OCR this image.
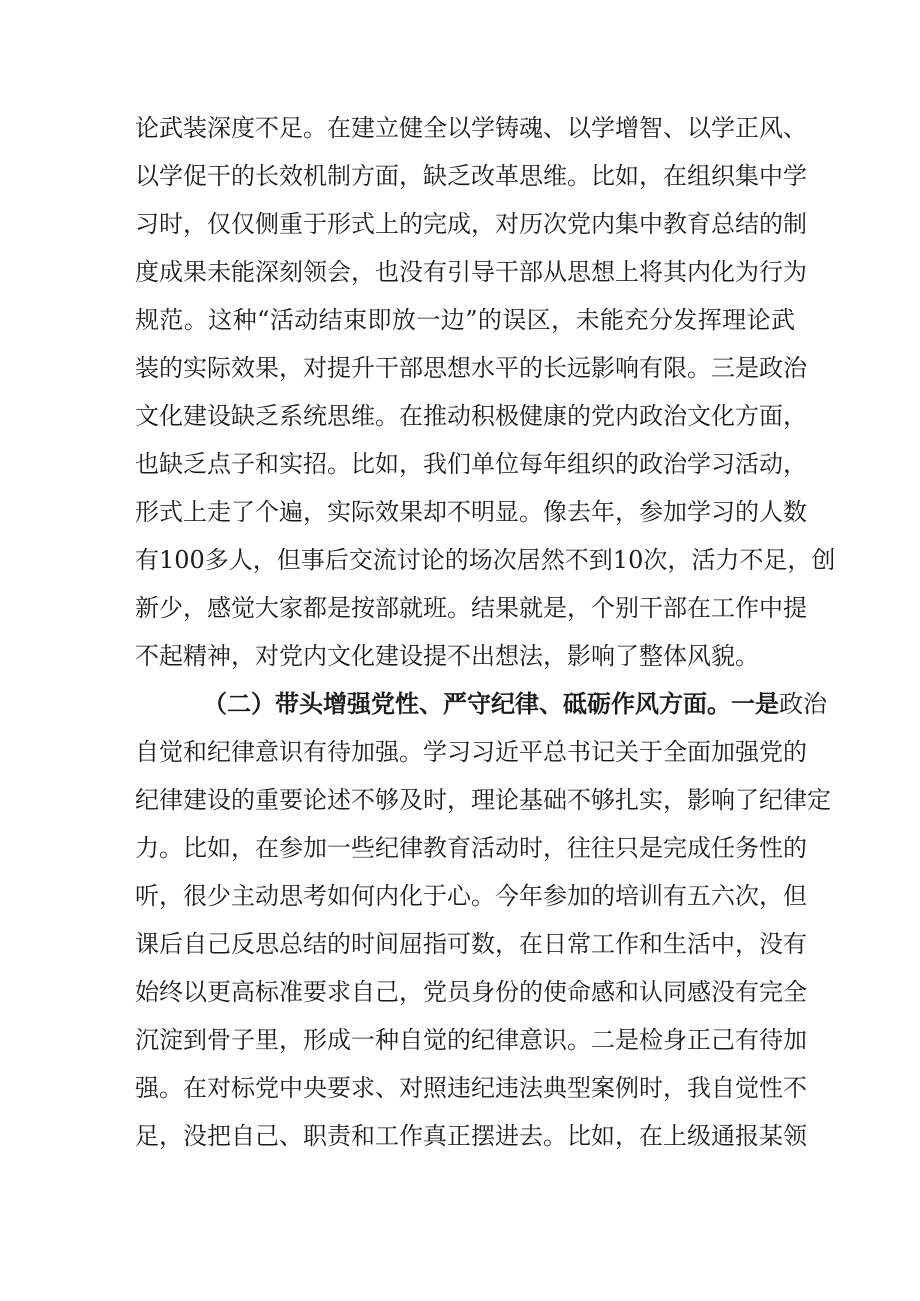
论武装深度不足。在建立健全以学铸魂、以学增智、以学正风、
以学促干的长效机制方面，缺乏改革思维。比如，在组织集中学
习时，仅仅侧重于形式上的完成，对历次党内集中教育总结的制
度成果未能深刻领会，也没有引导干部从思想上将其内化为行为
规范。这种“活动结束即放一边”的误区，未能充分发挥理论武
装的实际效果，对提升干部思想水平的长远影响有限。三是政治
文化建设缺乏系统思维。在推动积极健康的党内政治文化方面，
也缺乏点子和实招。比如，我们单位每年组织的政治学习活动，
形式上走了个遍，实际效果却不明显。像去年，参加学习的人数
有100多人，但事后交流讨论的场次居然不到10次，活力不足，创
新少，感觉大家都是按部就班。结果就是，个别干部在工作中提
不起精神，对党内文化建设提不出想法，影响了整体风貌。
（二）带头增强党性、严守纪律、砥砺作风方面。一是政治
自觉和纪律意识有待加强。学习习近平总书记关于全面加强党的
纪律建设的重要论述不够及时，理论基础不够扎实，影响了纪律定
力。比如，在参加一些纪律教育活动时，往往只是完成任务性的
听，很少主动思考如何内化于心。今年参加的培训有五六次，但
课后自己反思总结的时间屈指可数，在日常工作和生活中，没有
始终以更高标准要求自己，党员身份的使命感和认同感没有完全
沉淀到骨子里，形成一种自觉的纪律意识。二是检身正己有待加
强。在对标党中央要求、对照违纪违法典型案例时，我自觉性不
足，没把自己、职责和工作真正摆进去。比如，在上级通报某领
